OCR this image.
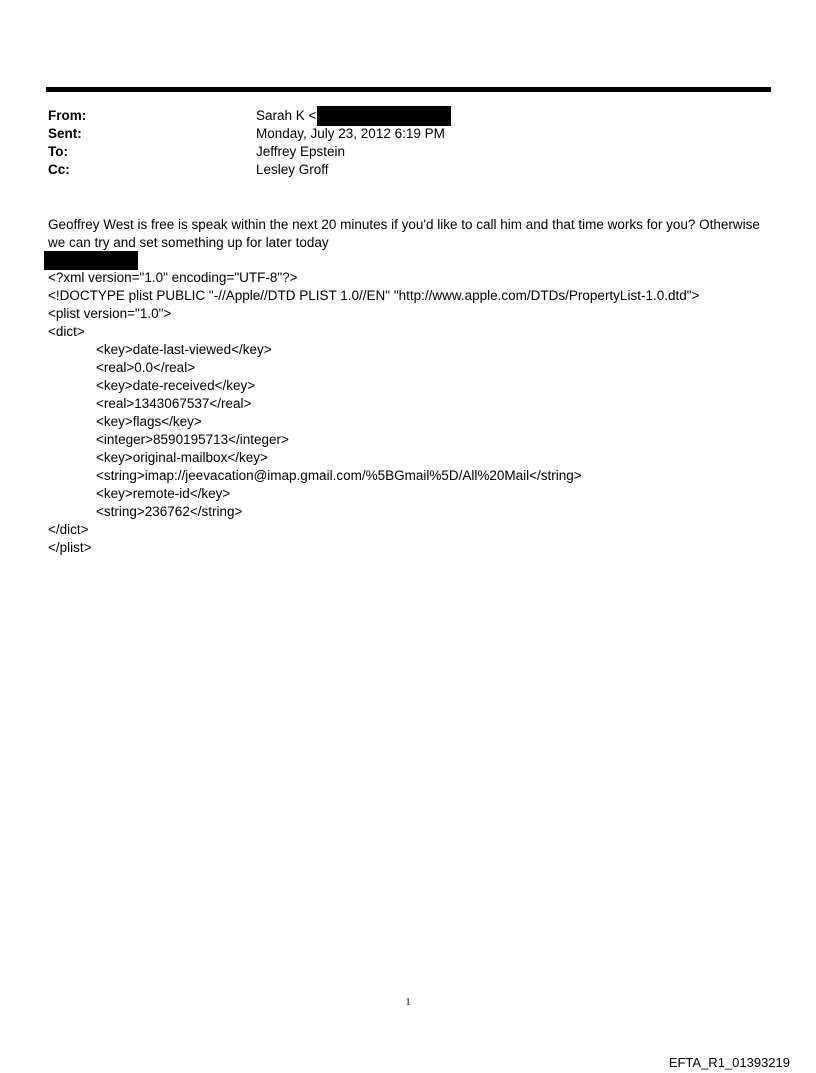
From:	Sarah K <
Sent:	Monday, July 23, 2012 6:19 PM
To:	Jeffrey Epstein
Cc:	Lesley Groff

Geoffrey West is free is speak within the next 20 minutes if you'd like to call him and that time works for you? Otherwise we can try and set something up for later today

<?xml version="1.0" encoding="UTF-8"?>
<!DOCTYPE plist PUBLIC "-//Apple//DTD PLIST 1.0//EN" "http://www.apple.com/DTDs/PropertyList-1.0.dtd">
<plist version="1.0">
<dict>
<key>date-last-viewed</key>
<real>0.0</real>
<key>date-received</key>
<real>1343067537</real>
<key>flags</key>
<integer>8590195713</integer>
<key>original-mailbox</key>
<string>imap://jeevacation@imap.gmail.com/%5BGmail%5D/All%20Mail</string>
<key>remote-id</key>
<string>236762</string>
</dict>
</plist>
1
EFTA_R1_01393219
